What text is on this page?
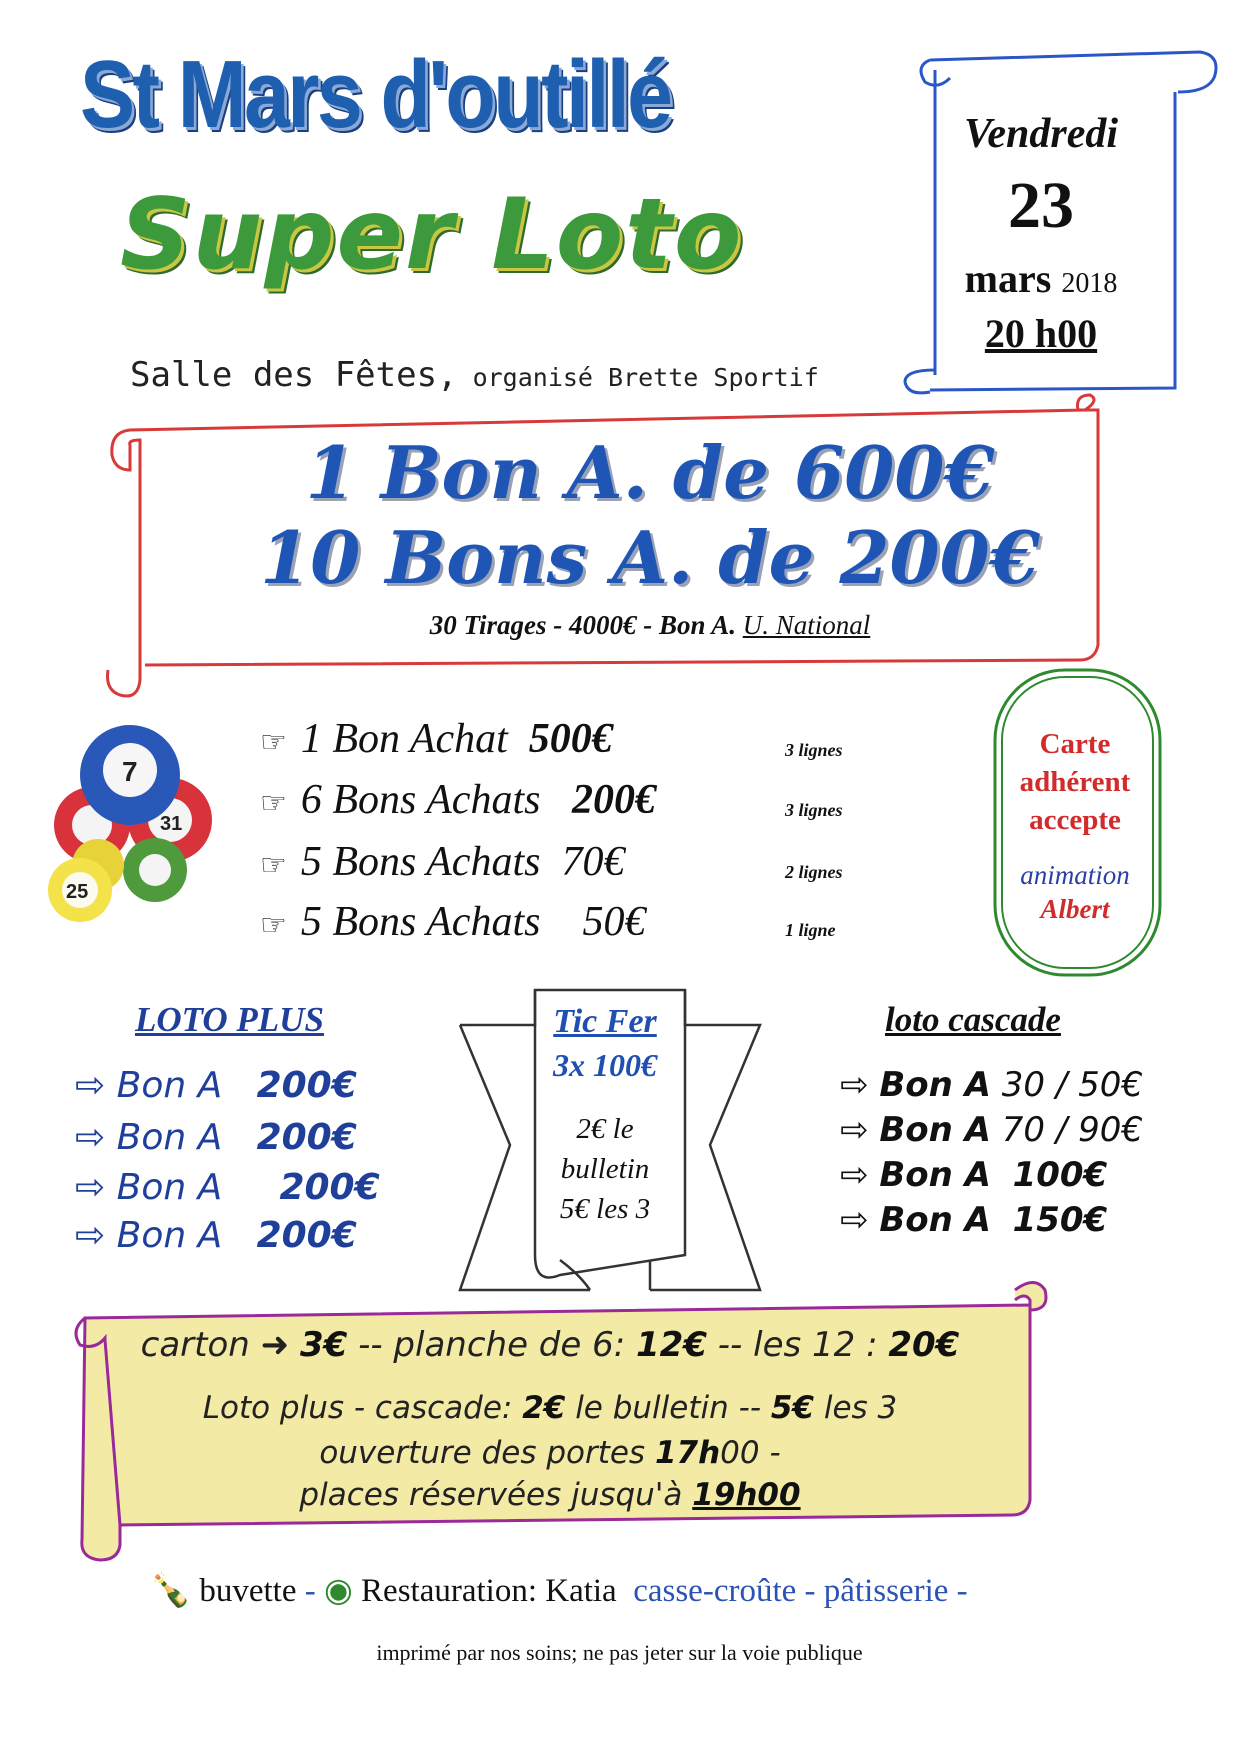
7
31
25
St Mars d'outillé
Super Loto
Vendredi
23
mars 2018
20 h00
Salle des Fêtes, organisé Brette Sportif
1 Bon A. de 600€
10 Bons A. de 200€
30 Tirages - 4000€ - Bon A. U. National
☞ 1 Bon Achat 500€	3 lignes
☞ 6 Bons Achats 200€	3 lignes
☞ 5 Bons Achats 70€	2 lignes
☞ 5 Bons Achats 50€	1 ligne
Carte
adhérent
accepte
animation
Albert
LOTO PLUS
⇨ Bon A 200€
⇨ Bon A 200€
⇨ Bon A 200€
⇨ Bon A 200€
Tic Fer
3x 100€
2€ le
bulletin
5€ les 3
loto cascade
⇨ Bon A 30 / 50€
⇨ Bon A 70 / 90€
⇨ Bon A 100€
⇨ Bon A 150€
carton ➜ 3€ -- planche de 6: 12€ -- les 12 : 20€
Loto plus - cascade: 2€ le bulletin -- 5€ les 3
ouverture des portes 17h00 -
places réservées jusqu'à 19h00
🍾 buvette - ◉ Restauration: Katia casse-croûte - pâtisserie -
imprimé par nos soins; ne pas jeter sur la voie publique
